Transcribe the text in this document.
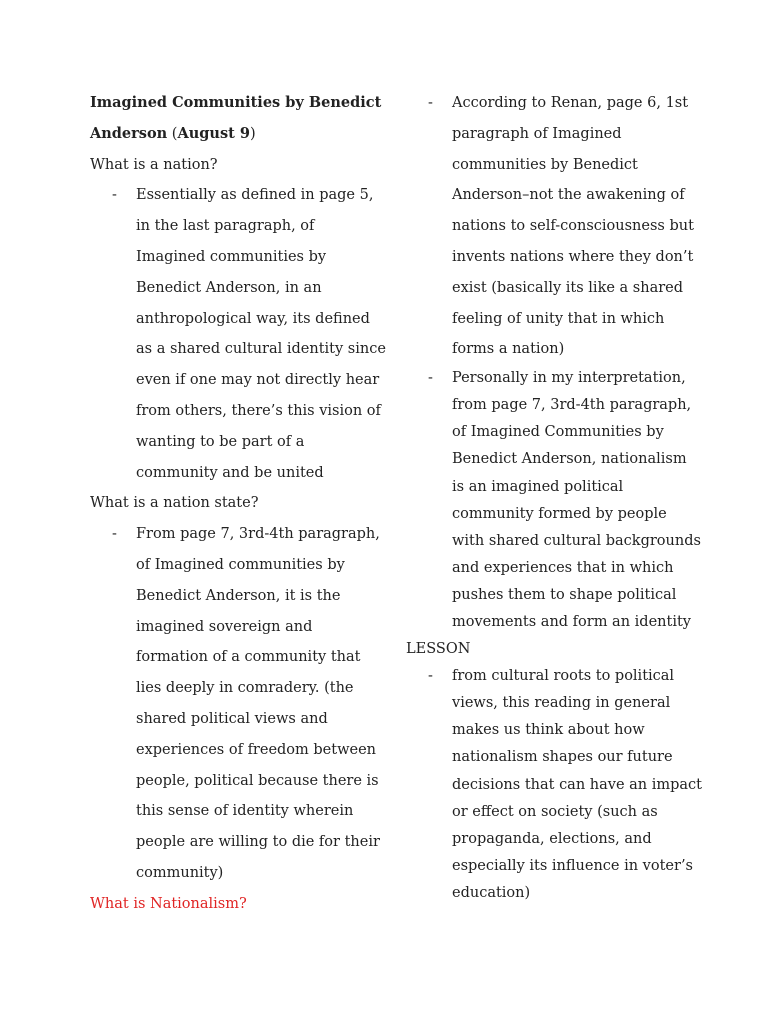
Imagined Communities by Benedict
Anderson (August 9)
What is a nation?
- Essentially as defined in page 5,
in the last paragraph, of
Imagined communities by
Benedict Anderson, in an
anthropological way, its defined
as a shared cultural identity since
even if one may not directly hear
from others, there’s this vision of
wanting to be part of a
community and be united
What is a nation state?
- From page 7, 3rd-4th paragraph,
of Imagined communities by
Benedict Anderson, it is the
imagined sovereign and
formation of a community that
lies deeply in comradery. (the
shared political views and
experiences of freedom between
people, political because there is
this sense of identity wherein
people are willing to die for their
community)
What is Nationalism?
- According to Renan, page 6, 1st
paragraph of Imagined
communities by Benedict
Anderson–not the awakening of
nations to self-consciousness but
invents nations where they don’t
exist (basically its like a shared
feeling of unity that in which
forms a nation)
- Personally in my interpretation,
from page 7, 3rd-4th paragraph,
of Imagined Communities by
Benedict Anderson, nationalism
is an imagined political
community formed by people
with shared cultural backgrounds
and experiences that in which
pushes them to shape political
movements and form an identity
LESSON
- from cultural roots to political
views, this reading in general
makes us think about how
nationalism shapes our future
decisions that can have an impact
or effect on society (such as
propaganda, elections, and
especially its influence in voter’s
education)
